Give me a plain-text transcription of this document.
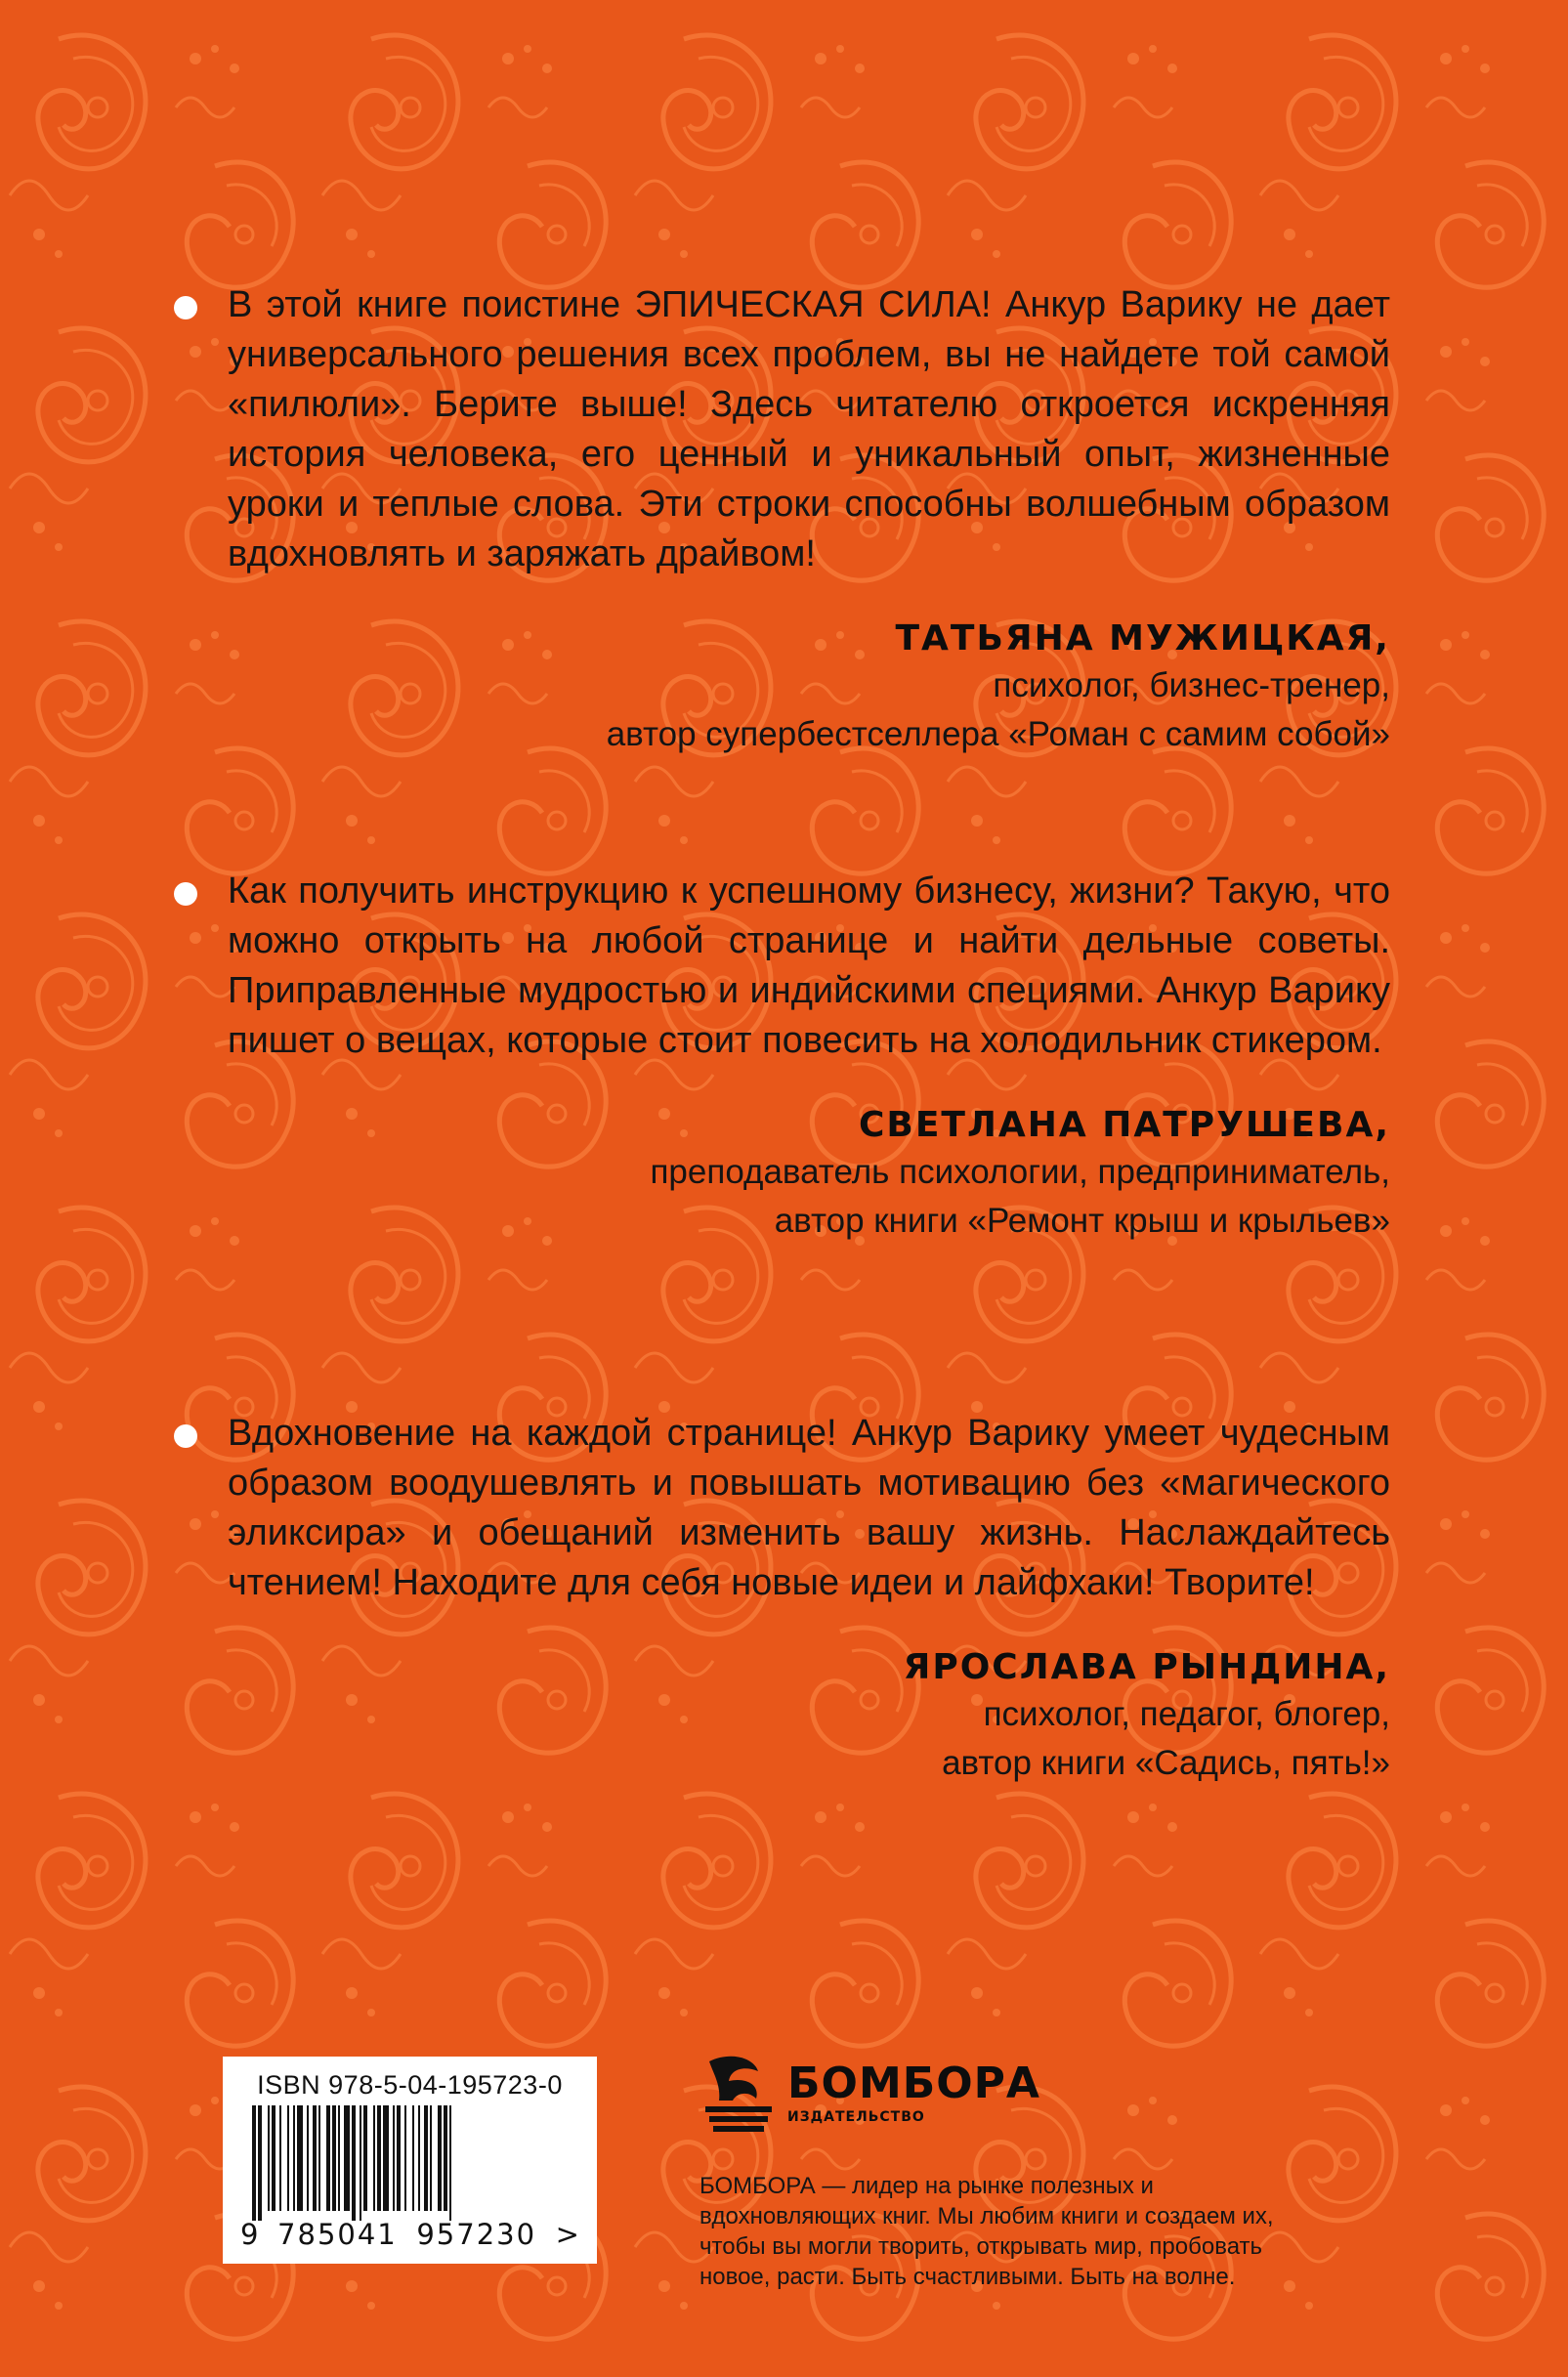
В этой книге поистине ЭПИЧЕСКАЯ СИЛА! Анкур Варику не дает универсального решения всех проблем, вы не найдете той самой «пилюли». Берите выше! Здесь читателю откроется искренняя история человека, его ценный и уникальный опыт, жизненные уроки и теплые слова. Эти строки способны волшебным образом вдохновлять и заряжать драйвом!

ТАТЬЯНА МУЖИЦКАЯ,
психолог, бизнес-тренер,
автор супербестселлера «Роман с самим собой»

Как получить инструкцию к успешному бизнесу, жизни? Такую, что можно открыть на любой странице и найти дельные советы. Приправленные мудростью и индийскими специями. Анкур Варику пишет о вещах, которые стоит повесить на холодильник стикером.

СВЕТЛАНА ПАТРУШЕВА,
преподаватель психологии, предприниматель,
автор книги «Ремонт крыш и крыльев»

Вдохновение на каждой странице! Анкур Варику умеет чудесным образом воодушевлять и повышать мотивацию без «магического эликсира» и обещаний изменить вашу жизнь. Наслаждайтесь чтением! Находите для себя новые идеи и лайфхаки! Творите!

ЯРОСЛАВА РЫНДИНА,
психолог, педагог, блогер,
автор книги «Садись, пять!»
ISBN 978-5-04-195723-0
9 785041 957230 >
БОМБОРА
ИЗДАТЕЛЬСТВО
БОМБОРА — лидер на рынке полезных и вдохновляющих книг. Мы любим книги и создаем их, чтобы вы могли творить, открывать мир, пробовать новое, расти. Быть счастливыми. Быть на волне.
